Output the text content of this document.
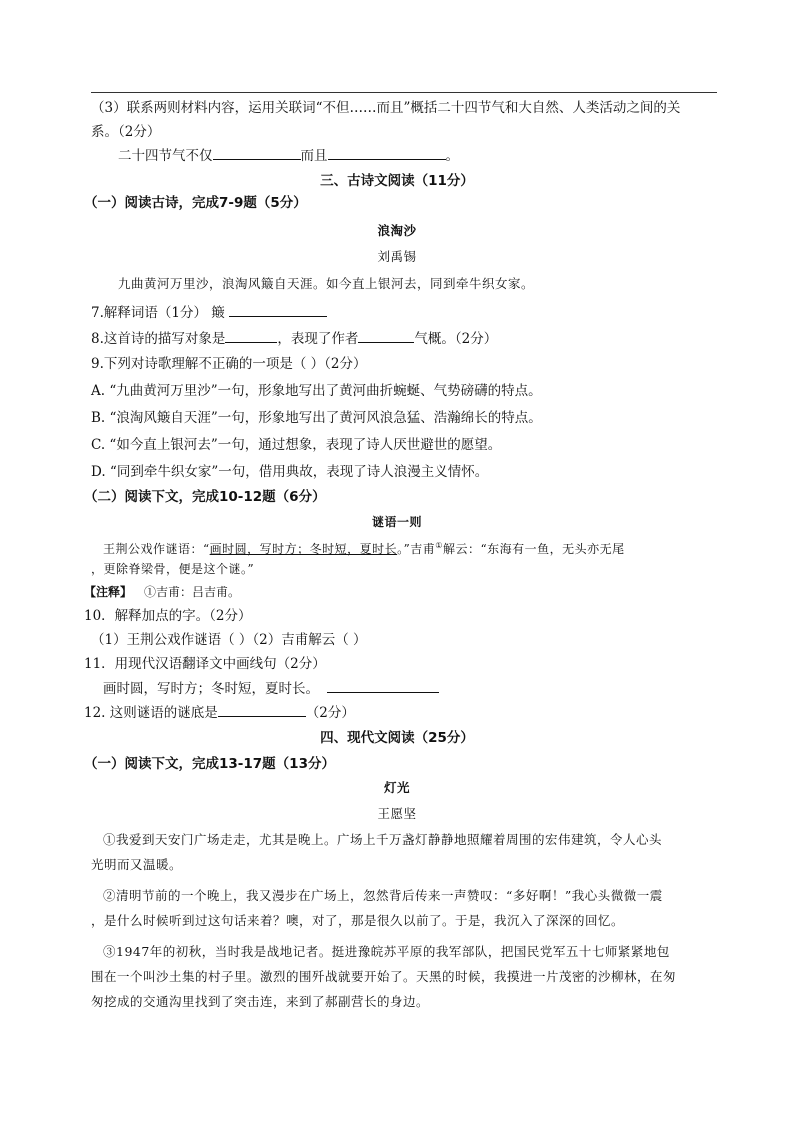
（3）联系两则材料内容，运用关联词“不但……而且”概括二十四节气和大自然、人类活动之间的关
系。（2分）
二十四节气不仅	而且	。
三、古诗文阅读（11分）
（一）阅读古诗，完成7-9题（5分）
浪淘沙
刘禹锡
九曲黄河万里沙，浪淘风簸自天涯。如今直上银河去，同到牵牛织女家。
7.解释词语（1分） 簸
8.这首诗的描写对象是	，表现了作者	气概。（2分）
9.下列对诗歌理解不正确的一项是（ ）（2分）
A. “九曲黄河万里沙”一句，形象地写出了黄河曲折蜿蜒、气势磅礴的特点。
B. “浪淘风簸自天涯”一句，形象地写出了黄河风浪急猛、浩瀚绵长的特点。
C. “如今直上银河去”一句，通过想象，表现了诗人厌世避世的愿望。
D. “同到牵牛织女家”一句，借用典故，表现了诗人浪漫主义情怀。
（二）阅读下文，完成10-12题（6分）
谜语一则
王荆公戏作谜语：“画时圆，写时方；冬时短，夏时长。”吉甫①解云：“东海有一鱼，无头亦无尾
，更除脊梁骨，便是这个谜。”
【注释】 ①吉甫：吕吉甫。
10．解释加点的字。（2分）
（1）王荆公戏作谜语（ ）（2）吉甫解云（ ）
11．用现代汉语翻译文中画线句（2分）
画时圆，写时方；冬时短，夏时长。
12. 这则谜语的谜底是	（2分）
四、现代文阅读（25分）
（一）阅读下文，完成13-17题（13分）
灯光
王愿坚
①我爱到天安门广场走走，尤其是晚上。广场上千万盏灯静静地照耀着周围的宏伟建筑，令人心头
光明而又温暖。
②清明节前的一个晚上，我又漫步在广场上，忽然背后传来一声赞叹：“多好啊！”我心头微微一震
，是什么时候听到过这句话来着？噢，对了，那是很久以前了。于是，我沉入了深深的回忆。
③1947年的初秋，当时我是战地记者。挺进豫皖苏平原的我军部队，把国民党军五十七师紧紧地包
围在一个叫沙土集的村子里。激烈的围歼战就要开始了。天黑的时候，我摸进一片茂密的沙柳林，在匆
匆挖成的交通沟里找到了突击连，来到了郝副营长的身边。
